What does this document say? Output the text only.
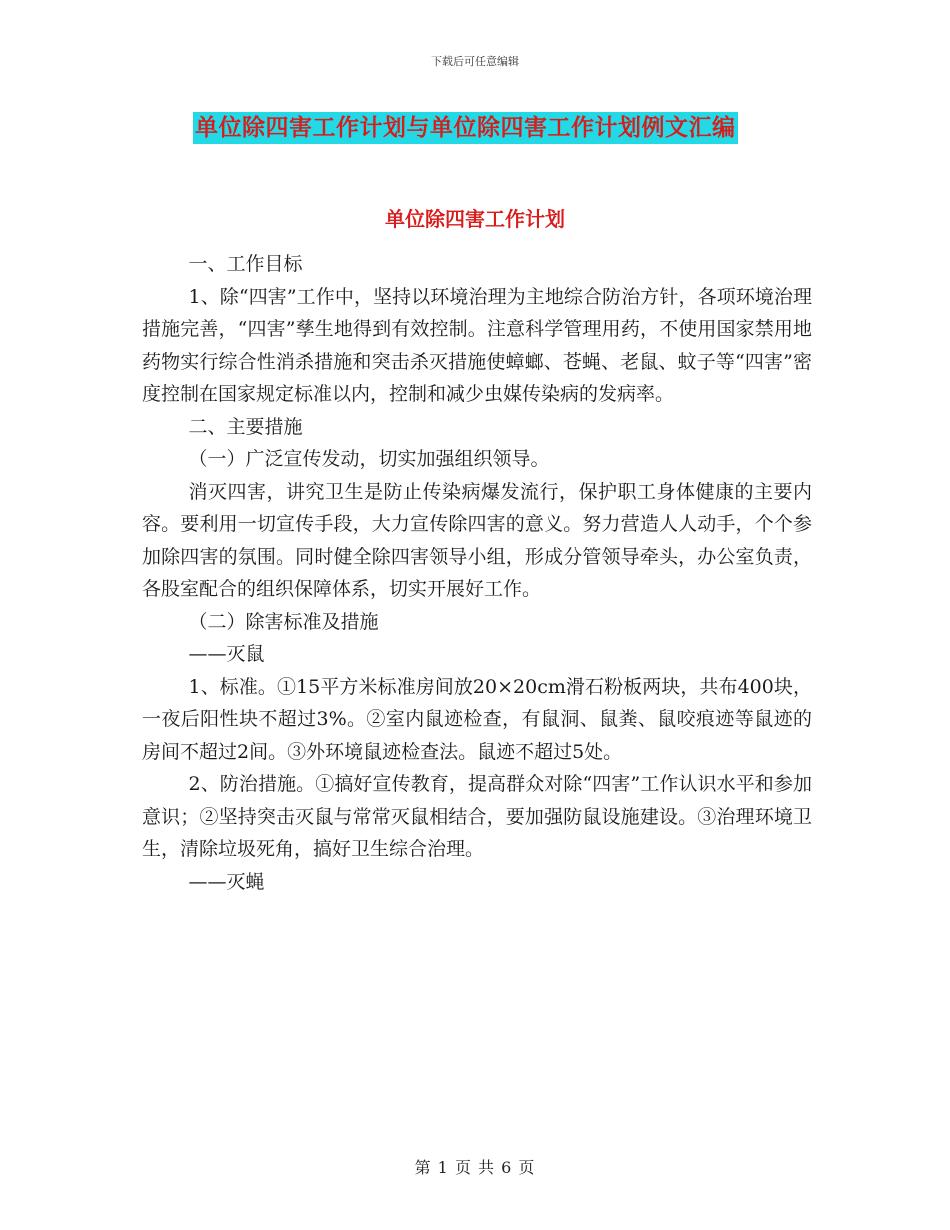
下载后可任意编辑
单位除四害工作计划与单位除四害工作计划例文汇编
单位除四害工作计划

一、工作目标

1、除“四害”工作中，坚持以环境治理为主地综合防治方针，各项环境治理措施完善，“四害”孳生地得到有效控制。注意科学管理用药，不使用国家禁用地药物实行综合性消杀措施和突击杀灭措施使蟑螂、苍蝇、老鼠、蚊子等“四害”密度控制在国家规定标准以内，控制和减少虫媒传染病的发病率。

二、主要措施

（一）广泛宣传发动，切实加强组织领导。

消灭四害，讲究卫生是防止传染病爆发流行，保护职工身体健康的主要内容。要利用一切宣传手段，大力宣传除四害的意义。努力营造人人动手，个个参加除四害的氛围。同时健全除四害领导小组，形成分管领导牵头，办公室负责，各股室配合的组织保障体系，切实开展好工作。

（二）除害标准及措施

——灭鼠

1、标准。①15平方米标准房间放20×20cm滑石粉板两块，共布400块，一夜后阳性块不超过3%。②室内鼠迹检查，有鼠洞、鼠粪、鼠咬痕迹等鼠迹的房间不超过2间。③外环境鼠迹检查法。鼠迹不超过5处。

2、防治措施。①搞好宣传教育，提高群众对除“四害”工作认识水平和参加意识；②坚持突击灭鼠与常常灭鼠相结合，要加强防鼠设施建设。③治理环境卫生，清除垃圾死角，搞好卫生综合治理。

——灭蝇

第 1 页 共 6 页
